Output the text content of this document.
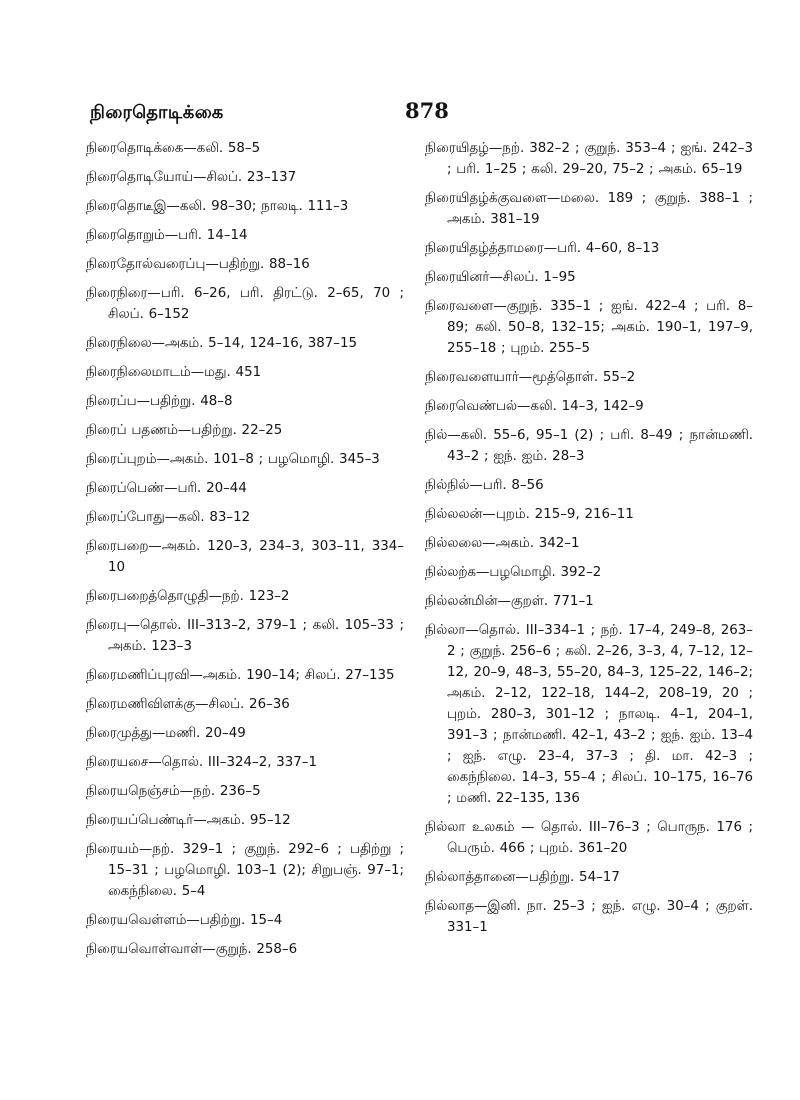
நிரைதொடிக்கை	878
நிரைதொடிக்கை—கலி. 58–5
நிரைதொடியோய்—சிலப். 23–137
நிரைதொடீஇ—கலி. 98–30; நாலடி. 111–3
நிரைதொறும்—பரி. 14–14
நிரைதோல்வரைப்பு—பதிற்று. 88–16
நிரைநிரை—பரி. 6–26, பரி. திரட்டு. 2–65, 70 ; சிலப். 6–152
நிரைநிலை—அகம். 5–14, 124–16, 387–15
நிரைநிலைமாடம்—மது. 451
நிரைப்ப—பதிற்று. 48–8
நிரைப் பதணம்—பதிற்று. 22–25
நிரைப்புறம்—அகம். 101–8 ; பழமொழி. 345–3
நிரைப்பெண்—பரி. 20–44
நிரைப்போது—கலி. 83–12
நிரைபறை—அகம். 120–3, 234–3, 303–11, 334–10
நிரைபறைத்தொழுதி—நற். 123–2
நிரைபு—தொல். III–313–2, 379–1 ; கலி. 105–33 ; அகம். 123–3
நிரைமணிப்புரவி—அகம். 190–14; சிலப். 27–135
நிரைமணிவிளக்கு—சிலப். 26–36
நிரைமுத்து—மணி. 20–49
நிரையசை—தொல். III–324–2, 337–1
நிரையநெஞ்சம்—நற். 236–5
நிரையப்பெண்டிர்—அகம். 95–12
நிரையம்—நற். 329–1 ; குறுந். 292–6 ; பதிற்று ; 15–31 ; பழமொழி. 103–1 (2); சிறுபஞ். 97–1; கைந்நிலை. 5–4
நிரையவெள்ளம்—பதிற்று. 15–4
நிரையவொள்வாள்—குறுந். 258–6
நிரையிதழ்—நற். 382–2 ; குறுந். 353–4 ; ஐங். 242–3 ; பரி. 1–25 ; கலி. 29–20, 75–2 ; அகம். 65–19
நிரையிதழ்க்குவளை—மலை. 189 ; குறுந். 388–1 ; அகம். 381–19
நிரையிதழ்த்தாமரை—பரி. 4–60, 8–13
நிரையினர்—சிலப். 1–95
நிரைவளை—குறுந். 335–1 ; ஐங். 422–4 ; பரி. 8–89; கலி. 50–8, 132–15; அகம். 190–1, 197–9, 255–18 ; புறம். 255–5
நிரைவளையார்—மூத்தொள். 55–2
நிரைவெண்பல்—கலி. 14–3, 142–9
நில்—கலி. 55–6, 95–1 (2) ; பரி. 8–49 ; நான்மணி. 43–2 ; ஐந். ஐம். 28–3
நில்நில்—பரி. 8–56
நில்லலன்—புறம். 215–9, 216–11
நில்லலை—அகம். 342–1
நில்லற்க—பழமொழி. 392–2
நில்லன்மின்—குறள். 771–1
நில்லா—தொல். III–334–1 ; நற். 17–4, 249–8, 263–2 ; குறுந். 256–6 ; கலி. 2–26, 3–3, 4, 7–12, 12–12, 20–9, 48–3, 55–20, 84–3, 125–22, 146–2; அகம். 2–12, 122–18, 144–2, 208–19, 20 ; புறம். 280–3, 301–12 ; நாலடி. 4–1, 204–1, 391–3 ; நான்மணி. 42–1, 43–2 ; ஐந். ஐம். 13–4 ; ஐந். எழு. 23–4, 37–3 ; தி. மா. 42–3 ; கைந்நிலை. 14–3, 55–4 ; சிலப். 10–175, 16–76 ; மணி. 22–135, 136
நில்லா உலகம் — தொல். III–76–3 ; பொருந. 176 ; பெரும். 466 ; புறம். 361–20
நில்லாத்தானை—பதிற்று. 54–17
நில்லாத—இனி. நா. 25–3 ; ஐந். எழு. 30–4 ; குறள். 331–1
